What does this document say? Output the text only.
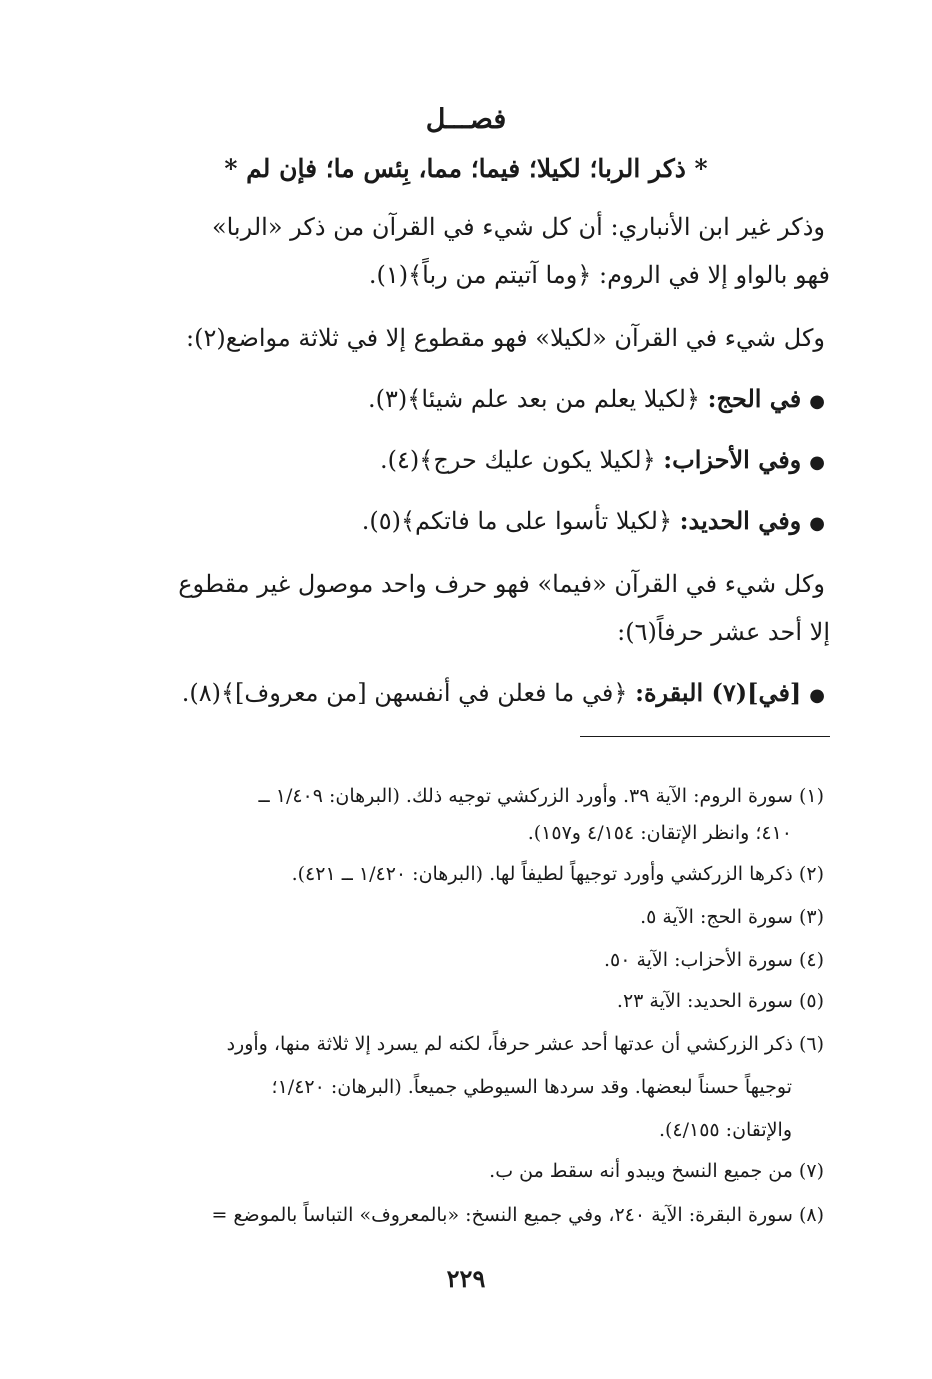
فصـــل
* ذكر الربا؛ لكيلا؛ فيما؛ مما، بِئس ما؛ فإن لم *
وذكر غير ابن الأنباري: أن كل شيء في القرآن من ذكر «الربا»
فهو بالواو إلا في الروم: ﴿وما آتيتم من رباً﴾(١).
وكل شيء في القرآن «لكيلا» فهو مقطوع إلا في ثلاثة مواضع(٢):
●في الحج: ﴿لكيلا يعلم من بعد علم شيئا﴾(٣).
●وفي الأحزاب: ﴿لكيلا يكون عليك حرج﴾(٤).
●وفي الحديد: ﴿لكيلا تأسوا على ما فاتكم﴾(٥).
وكل شيء في القرآن «فيما» فهو حرف واحد موصول غير مقطوع
إلا أحد عشر حرفاً(٦):
●[في](٧) البقرة: ﴿في ما فعلن في أنفسهن [من معروف]﴾(٨).
(١) سورة الروم: الآية ٣٩. وأورد الزركشي توجيه ذلك. (البرهان: ١/٤٠٩ ــ
٤١٠؛ وانظر الإتقان: ٤/١٥٤ و١٥٧).
(٢) ذكرها الزركشي وأورد توجيهاً لطيفاً لها. (البرهان: ١/٤٢٠ ــ ٤٢١).
(٣) سورة الحج: الآية ٥.
(٤) سورة الأحزاب: الآية ٥٠.
(٥) سورة الحديد: الآية ٢٣.
(٦) ذكر الزركشي أن عدتها أحد عشر حرفاً، لكنه لم يسرد إلا ثلاثة منها، وأورد
توجيهاً حسناً لبعضها. وقد سردها السيوطي جميعاً. (البرهان: ١/٤٢٠؛
والإتقان: ٤/١٥٥).
(٧) من جميع النسخ ويبدو أنه سقط من ب.
(٨) سورة البقرة: الآية ٢٤٠، وفي جميع النسخ: «بالمعروف» التباساً بالموضع =
٢٢٩
